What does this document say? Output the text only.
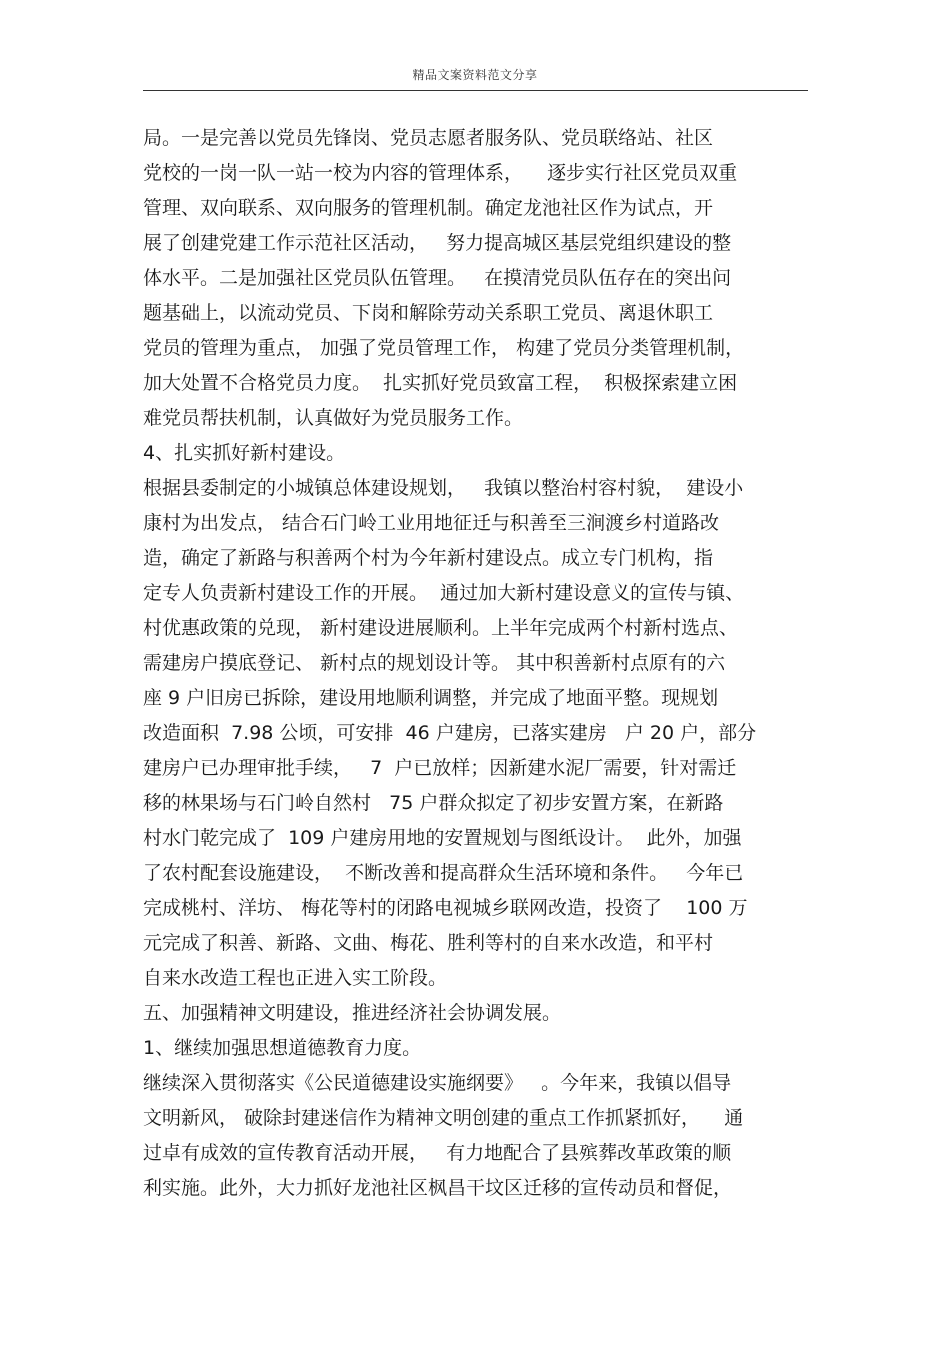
精品文案资料范文分享
局。一是完善以党员先锋岗、党员志愿者服务队、党员联络站、社区
党校的一岗一队一站一校为内容的管理体系，    逐步实行社区党员双重
管理、双向联系、双向服务的管理机制。确定龙池社区作为试点，开
展了创建党建工作示范社区活动，   努力提高城区基层党组织建设的整
体水平。二是加强社区党员队伍管理。   在摸清党员队伍存在的突出问
题基础上，以流动党员、下岗和解除劳动关系职工党员、离退休职工
党员的管理为重点， 加强了党员管理工作， 构建了党员分类管理机制，
加大处置不合格党员力度。  扎实抓好党员致富工程，  积极探索建立困
难党员帮扶机制，认真做好为党员服务工作。
4、扎实抓好新村建设。
根据县委制定的小城镇总体建设规划，   我镇以整治村容村貌，  建设小
康村为出发点， 结合石门岭工业用地征迁与积善至三涧渡乡村道路改
造，确定了新路与积善两个村为今年新村建设点。成立专门机构，指
定专人负责新村建设工作的开展。  通过加大新村建设意义的宣传与镇、
村优惠政策的兑现， 新村建设进展顺利。上半年完成两个村新村选点、
需建房户摸底登记、 新村点的规划设计等。 其中积善新村点原有的六
座 9 户旧房已拆除，建设用地顺利调整，并完成了地面平整。现规划
改造面积  7.98 公顷，可安排  46 户建房，已落实建房   户 20 户，部分
建房户已办理审批手续，   7  户已放样；因新建水泥厂需要，针对需迁
移的林果场与石门岭自然村   75 户群众拟定了初步安置方案，在新路
村水门乾完成了  109 户建房用地的安置规划与图纸设计。  此外，加强
了农村配套设施建设，  不断改善和提高群众生活环境和条件。   今年已
完成桃村、洋坊、 梅花等村的闭路电视城乡联网改造，投资了    100 万
元完成了积善、新路、文曲、梅花、胜利等村的自来水改造，和平村
自来水改造工程也正进入实工阶段。
五、加强精神文明建设，推进经济社会协调发展。
1、继续加强思想道德教育力度。
继续深入贯彻落实《公民道德建设实施纲要》   。今年来，我镇以倡导
文明新风， 破除封建迷信作为精神文明创建的重点工作抓紧抓好，    通
过卓有成效的宣传教育活动开展，   有力地配合了县殡葬改革政策的顺
利实施。此外，大力抓好龙池社区枫昌干坟区迁移的宣传动员和督促，
